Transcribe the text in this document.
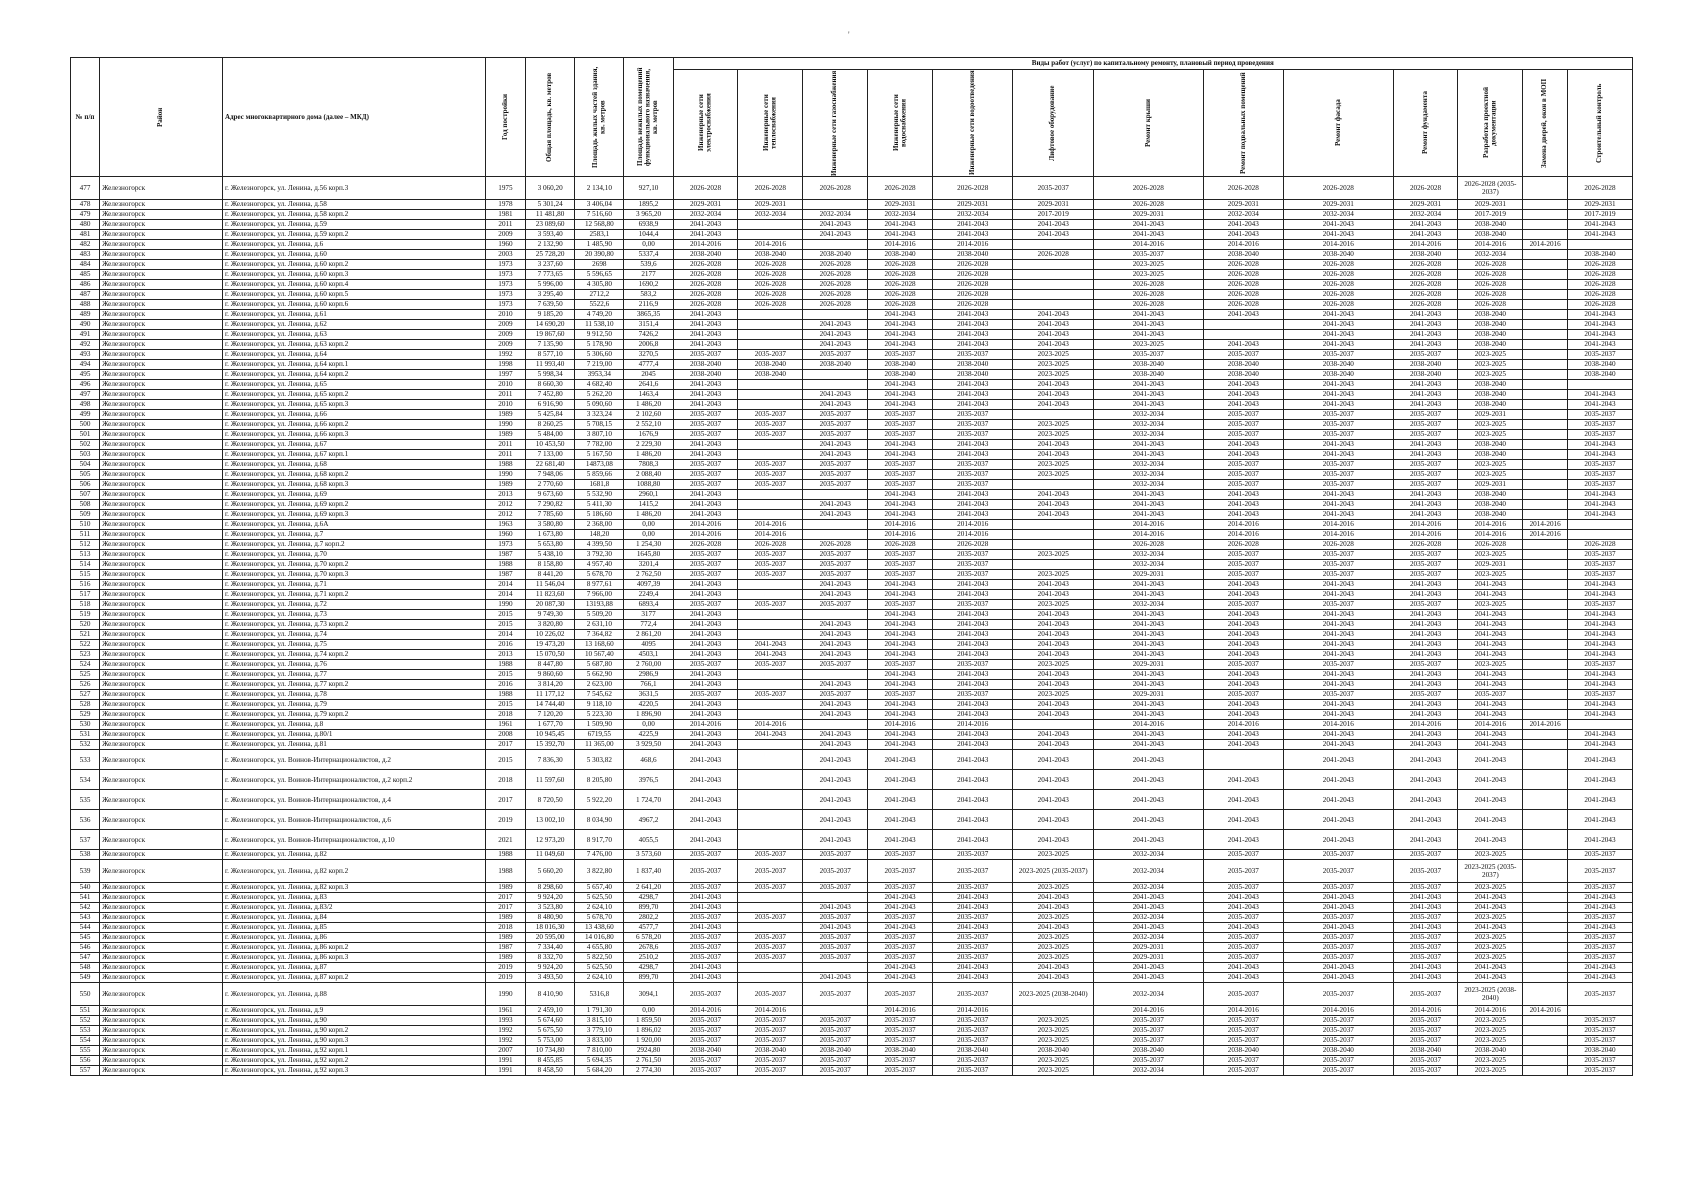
'
№ п/п	Район	Адрес многоквартирного дома (далее – МКД)	Год постройки	Общая площадь, кв. метров	Площадь жилых частей здания, кв. метров	Площадь нежилых помещений функционального назначения, кв. метров	Виды работ (услуг) по капитальному ремонту, плановый период проведения												

							Инженерные сети электроснабжения	Инженерные сети теплоснабжения	Инженерные сети газоснабжения	Инженерные сети водоснабжения	Инженерные сети водоотведения	Лифтовое оборудование	Ремонт крыши	Ремонт подвальных помещений	Ремонт фасада	Ремонт фундамента	Разработка проектной документации	Замена дверей, окон в МОП	Строительный контроль

477	Железногорск	г. Железногорск, ул. Ленина, д.56 корп.3	1975	3 060,20	2 134,10	927,10	2026-2028	2026-2028	2026-2028	2026-2028	2026-2028	2035-2037	2026-2028	2026-2028	2026-2028	2026-2028	2026-2028 (2035-2037)		2026-2028
478	Железногорск	г. Железногорск, ул. Ленина, д.58	1978	5 301,24	3 406,04	1895,2	2029-2031	2029-2031		2029-2031	2029-2031	2029-2031	2026-2028	2029-2031	2029-2031	2029-2031	2029-2031		2029-2031
479	Железногорск	г. Железногорск, ул. Ленина, д.58 корп.2	1981	11 481,80	7 516,60	3 965,20	2032-2034	2032-2034	2032-2034	2032-2034	2032-2034	2017-2019	2029-2031	2032-2034	2032-2034	2032-2034	2017-2019		2017-2019
480	Железногорск	г. Железногорск, ул. Ленина, д.59	2011	23 089,60	12 568,80	6938,9	2041-2043		2041-2043	2041-2043	2041-2043	2041-2043	2041-2043	2041-2043	2041-2043	2041-2043	2038-2040		2041-2043
481	Железногорск	г. Железногорск, ул. Ленина, д.59 корп.2	2009	3 593,40	2583,1	1044,4	2041-2043		2041-2043	2041-2043	2041-2043	2041-2043	2041-2043	2041-2043	2041-2043	2041-2043	2038-2040		2041-2043
482	Железногорск	г. Железногорск, ул. Ленина, д.6	1960	2 132,90	1 485,90	0,00	2014-2016	2014-2016		2014-2016	2014-2016		2014-2016	2014-2016	2014-2016	2014-2016	2014-2016	2014-2016	
483	Железногорск	г. Железногорск, ул. Ленина, д.60	2003	25 728,20	20 390,80	5337,4	2038-2040	2038-2040	2038-2040	2038-2040	2038-2040	2026-2028	2035-2037	2038-2040	2038-2040	2038-2040	2032-2034		2038-2040
484	Железногорск	г. Железногорск, ул. Ленина, д.60 корп.2	1973	3 237,60	2698	539,6	2026-2028	2026-2028	2026-2028	2026-2028	2026-2028		2023-2025	2026-2028	2026-2028	2026-2028	2026-2028		2026-2028
485	Железногорск	г. Железногорск, ул. Ленина, д.60 корп.3	1973	7 773,65	5 596,65	2177	2026-2028	2026-2028	2026-2028	2026-2028	2026-2028		2023-2025	2026-2028	2026-2028	2026-2028	2026-2028		2026-2028
486	Железногорск	г. Железногорск, ул. Ленина, д.60 корп.4	1973	5 996,00	4 305,80	1690,2	2026-2028	2026-2028	2026-2028	2026-2028	2026-2028		2026-2028	2026-2028	2026-2028	2026-2028	2026-2028		2026-2028
487	Железногорск	г. Железногорск, ул. Ленина, д.60 корп.5	1973	3 295,40	2712,2	583,2	2026-2028	2026-2028	2026-2028	2026-2028	2026-2028		2026-2028	2026-2028	2026-2028	2026-2028	2026-2028		2026-2028
488	Железногорск	г. Железногорск, ул. Ленина, д.60 корп.6	1973	7 639,50	5522,6	2116,9	2026-2028	2026-2028	2026-2028	2026-2028	2026-2028		2026-2028	2026-2028	2026-2028	2026-2028	2026-2028		2026-2028
489	Железногорск	г. Железногорск, ул. Ленина, д.61	2010	9 185,20	4 749,20	3865,35	2041-2043			2041-2043	2041-2043	2041-2043	2041-2043	2041-2043	2041-2043	2041-2043	2038-2040		2041-2043
490	Железногорск	г. Железногорск, ул. Ленина, д.62	2009	14 690,20	11 538,10	3151,4	2041-2043		2041-2043	2041-2043	2041-2043	2041-2043	2041-2043		2041-2043	2041-2043	2038-2040		2041-2043
491	Железногорск	г. Железногорск, ул. Ленина, д.63	2009	19 867,60	9 912,50	7426,2	2041-2043		2041-2043	2041-2043	2041-2043	2041-2043	2041-2043		2041-2043	2041-2043	2038-2040		2041-2043
492	Железногорск	г. Железногорск, ул. Ленина, д.63 корп.2	2009	7 135,90	5 178,90	2006,8	2041-2043		2041-2043	2041-2043	2041-2043	2041-2043	2023-2025	2041-2043	2041-2043	2041-2043	2038-2040		2041-2043
493	Железногорск	г. Железногорск, ул. Ленина, д.64	1992	8 577,10	5 306,60	3270,5	2035-2037	2035-2037	2035-2037	2035-2037	2035-2037	2023-2025	2035-2037	2035-2037	2035-2037	2035-2037	2023-2025		2035-2037
494	Железногорск	г. Железногорск, ул. Ленина, д.64 корп.1	1998	11 993,40	7 219,00	4777,4	2038-2040	2038-2040	2038-2040	2038-2040	2038-2040	2023-2025	2038-2040	2038-2040	2038-2040	2038-2040	2023-2025		2038-2040
495	Железногорск	г. Железногорск, ул. Ленина, д.64 корп.2	1997	5 998,34	3953,34	2045	2038-2040	2038-2040		2038-2040	2038-2040	2023-2025	2038-2040	2038-2040	2038-2040	2038-2040	2023-2025		2038-2040
496	Железногорск	г. Железногорск, ул. Ленина, д.65	2010	8 660,30	4 682,40	2641,6	2041-2043			2041-2043	2041-2043	2041-2043	2041-2043	2041-2043	2041-2043	2041-2043	2038-2040		
497	Железногорск	г. Железногорск, ул. Ленина, д.65 корп.2	2011	7 452,80	5 262,20	1463,4	2041-2043		2041-2043	2041-2043	2041-2043	2041-2043	2041-2043	2041-2043	2041-2043	2041-2043	2038-2040		2041-2043
498	Железногорск	г. Железногорск, ул. Ленина, д.65 корп.3	2010	6 916,90	5 090,60	1 486,20	2041-2043		2041-2043	2041-2043	2041-2043	2041-2043	2041-2043	2041-2043	2041-2043	2041-2043	2038-2040		2041-2043
499	Железногорск	г. Железногорск, ул. Ленина, д.66	1989	5 425,84	3 323,24	2 102,60	2035-2037	2035-2037	2035-2037	2035-2037	2035-2037		2032-2034	2035-2037	2035-2037	2035-2037	2029-2031		2035-2037
500	Железногорск	г. Железногорск, ул. Ленина, д.66 корп.2	1990	8 260,25	5 708,15	2 552,10	2035-2037	2035-2037	2035-2037	2035-2037	2035-2037	2023-2025	2032-2034	2035-2037	2035-2037	2035-2037	2023-2025		2035-2037
501	Железногорск	г. Железногорск, ул. Ленина, д.66 корп.3	1989	5 484,00	3 807,10	1676,9	2035-2037	2035-2037	2035-2037	2035-2037	2035-2037	2023-2025	2032-2034	2035-2037	2035-2037	2035-2037	2023-2025		2035-2037
502	Железногорск	г. Железногорск, ул. Ленина, д.67	2011	10 453,50	7 782,00	2 229,30	2041-2043		2041-2043	2041-2043	2041-2043	2041-2043	2041-2043	2041-2043	2041-2043	2041-2043	2038-2040		2041-2043
503	Железногорск	г. Железногорск, ул. Ленина, д.67 корп.1	2011	7 133,00	5 167,50	1 486,20	2041-2043		2041-2043	2041-2043	2041-2043	2041-2043	2041-2043	2041-2043	2041-2043	2041-2043	2038-2040		2041-2043
504	Железногорск	г. Железногорск, ул. Ленина, д.68	1988	22 681,40	14873,08	7808,3	2035-2037	2035-2037	2035-2037	2035-2037	2035-2037	2023-2025	2032-2034	2035-2037	2035-2037	2035-2037	2023-2025		2035-2037
505	Железногорск	г. Железногорск, ул. Ленина, д.68 корп.2	1990	7 948,06	5 859,66	2 088,40	2035-2037	2035-2037	2035-2037	2035-2037	2035-2037	2023-2025	2032-2034	2035-2037	2035-2037	2035-2037	2023-2025		2035-2037
506	Железногорск	г. Железногорск, ул. Ленина, д.68 корп.3	1989	2 770,60	1681,8	1088,80	2035-2037	2035-2037	2035-2037	2035-2037	2035-2037		2032-2034	2035-2037	2035-2037	2035-2037	2029-2031		2035-2037
507	Железногорск	г. Железногорск, ул. Ленина, д.69	2013	9 673,60	5 532,90	2960,1	2041-2043			2041-2043	2041-2043	2041-2043	2041-2043	2041-2043	2041-2043	2041-2043	2038-2040		2041-2043
508	Железногорск	г. Железногорск, ул. Ленина, д.69 корп.2	2012	7 290,82	5 411,30	1415,2	2041-2043		2041-2043	2041-2043	2041-2043	2041-2043	2041-2043	2041-2043	2041-2043	2041-2043	2038-2040		2041-2043
509	Железногорск	г. Железногорск, ул. Ленина, д.69 корп.3	2012	7 785,60	5 186,60	1 486,20	2041-2043		2041-2043	2041-2043	2041-2043	2041-2043	2041-2043	2041-2043	2041-2043	2041-2043	2038-2040		2041-2043
510	Железногорск	г. Железногорск, ул. Ленина, д.6А	1963	3 580,80	2 368,00	0,00	2014-2016	2014-2016		2014-2016	2014-2016		2014-2016	2014-2016	2014-2016	2014-2016	2014-2016	2014-2016	
511	Железногорск	г. Железногорск, ул. Ленина, д.7	1960	1 673,80	148,20	0,00	2014-2016	2014-2016		2014-2016	2014-2016		2014-2016	2014-2016	2014-2016	2014-2016	2014-2016	2014-2016	
512	Железногорск	г. Железногорск, ул. Ленина, д.7 корп.2	1973	5 653,80	4 399,50	1 254,30	2026-2028	2026-2028	2026-2028	2026-2028	2026-2028		2026-2028	2026-2028	2026-2028	2026-2028	2026-2028		2026-2028
513	Железногорск	г. Железногорск, ул. Ленина, д.70	1987	5 438,10	3 792,30	1645,80	2035-2037	2035-2037	2035-2037	2035-2037	2035-2037	2023-2025	2032-2034	2035-2037	2035-2037	2035-2037	2023-2025		2035-2037
514	Железногорск	г. Железногорск, ул. Ленина, д.70 корп.2	1988	8 158,80	4 957,40	3201,4	2035-2037	2035-2037	2035-2037	2035-2037	2035-2037		2032-2034	2035-2037	2035-2037	2035-2037	2029-2031		2035-2037
515	Железногорск	г. Железногорск, ул. Ленина, д.70 корп.3	1987	8 441,20	5 678,70	2 762,50	2035-2037	2035-2037	2035-2037	2035-2037	2035-2037	2023-2025	2029-2031	2035-2037	2035-2037	2035-2037	2023-2025		2035-2037
516	Железногорск	г. Железногорск, ул. Ленина, д.71	2014	11 546,04	8 977,61	4097,39	2041-2043		2041-2043	2041-2043	2041-2043	2041-2043	2041-2043	2041-2043	2041-2043	2041-2043	2041-2043		2041-2043
517	Железногорск	г. Железногорск, ул. Ленина, д.71 корп.2	2014	11 823,60	7 966,00	2249,4	2041-2043		2041-2043	2041-2043	2041-2043	2041-2043	2041-2043	2041-2043	2041-2043	2041-2043	2041-2043		2041-2043
518	Железногорск	г. Железногорск, ул. Ленина, д.72	1990	20 087,30	13193,88	6893,4	2035-2037	2035-2037	2035-2037	2035-2037	2035-2037	2023-2025	2032-2034	2035-2037	2035-2037	2035-2037	2023-2025		2035-2037
519	Железногорск	г. Железногорск, ул. Ленина, д.73	2015	9 749,30	5 509,20	3177	2041-2043			2041-2043	2041-2043	2041-2043	2041-2043	2041-2043	2041-2043	2041-2043	2041-2043		2041-2043
520	Железногорск	г. Железногорск, ул. Ленина, д.73 корп.2	2015	3 820,80	2 631,10	772,4	2041-2043		2041-2043	2041-2043	2041-2043	2041-2043	2041-2043	2041-2043	2041-2043	2041-2043	2041-2043		2041-2043
521	Железногорск	г. Железногорск, ул. Ленина, д.74	2014	10 226,02	7 364,82	2 861,20	2041-2043		2041-2043	2041-2043	2041-2043	2041-2043	2041-2043	2041-2043	2041-2043	2041-2043	2041-2043		2041-2043
522	Железногорск	г. Железногорск, ул. Ленина, д.75	2016	19 473,20	13 168,60	4095	2041-2043	2041-2043	2041-2043	2041-2043	2041-2043	2041-2043	2041-2043	2041-2043	2041-2043	2041-2043	2041-2043		2041-2043
523	Железногорск	г. Железногорск, ул. Ленина, д.74 корп.2	2013	15 070,50	10 567,40	4503,1	2041-2043	2041-2043	2041-2043	2041-2043	2041-2043	2041-2043	2041-2043	2041-2043	2041-2043	2041-2043	2041-2043		2041-2043
524	Железногорск	г. Железногорск, ул. Ленина, д.76	1988	8 447,80	5 687,80	2 760,00	2035-2037	2035-2037	2035-2037	2035-2037	2035-2037	2023-2025	2029-2031	2035-2037	2035-2037	2035-2037	2023-2025		2035-2037
525	Железногорск	г. Железногорск, ул. Ленина, д.77	2015	9 860,60	5 662,90	2986,9	2041-2043			2041-2043	2041-2043	2041-2043	2041-2043	2041-2043	2041-2043	2041-2043	2041-2043		2041-2043
526	Железногорск	г. Железногорск, ул. Ленина, д.77 корп.2	2016	3 814,20	2 623,00	766,1	2041-2043		2041-2043	2041-2043	2041-2043	2041-2043	2041-2043	2041-2043	2041-2043	2041-2043	2041-2043		2041-2043
527	Железногорск	г. Железногорск, ул. Ленина, д.78	1988	11 177,12	7 545,62	3631,5	2035-2037	2035-2037	2035-2037	2035-2037	2035-2037	2023-2025	2029-2031	2035-2037	2035-2037	2035-2037	2035-2037		2035-2037
528	Железногорск	г. Железногорск, ул. Ленина, д.79	2015	14 744,40	9 118,10	4220,5	2041-2043		2041-2043	2041-2043	2041-2043	2041-2043	2041-2043	2041-2043	2041-2043	2041-2043	2041-2043		2041-2043
529	Железногорск	г. Железногорск, ул. Ленина, д.79 корп.2	2018	7 120,20	5 223,30	1 896,90	2041-2043		2041-2043	2041-2043	2041-2043	2041-2043	2041-2043	2041-2043	2041-2043	2041-2043	2041-2043		2041-2043
530	Железногорск	г. Железногорск, ул. Ленина, д.8	1961	1 677,70	1 509,90	0,00	2014-2016	2014-2016		2014-2016	2014-2016		2014-2016	2014-2016	2014-2016	2014-2016	2014-2016	2014-2016	
531	Железногорск	г. Железногорск, ул. Ленина, д.80/1	2008	10 945,45	6719,55	4225,9	2041-2043	2041-2043	2041-2043	2041-2043	2041-2043	2041-2043	2041-2043	2041-2043	2041-2043	2041-2043	2041-2043		2041-2043
532	Железногорск	г. Железногорск, ул. Ленина, д.81	2017	15 392,70	11 365,00	3 929,50	2041-2043		2041-2043	2041-2043	2041-2043	2041-2043	2041-2043	2041-2043	2041-2043	2041-2043	2041-2043		2041-2043
533	Железногорск	г. Железногорск, ул. Воинов-Интернационалистов, д.2	2015	7 836,30	5 303,82	468,6	2041-2043		2041-2043	2041-2043	2041-2043	2041-2043	2041-2043		2041-2043	2041-2043	2041-2043		2041-2043
534	Железногорск	г. Железногорск, ул. Воинов-Интернационалистов, д.2 корп.2	2018	11 597,60	8 205,80	3976,5	2041-2043		2041-2043	2041-2043	2041-2043	2041-2043	2041-2043	2041-2043	2041-2043	2041-2043	2041-2043		2041-2043
535	Железногорск	г. Железногорск, ул. Воинов-Интернационалистов, д.4	2017	8 720,50	5 922,20	1 724,70	2041-2043		2041-2043	2041-2043	2041-2043	2041-2043	2041-2043	2041-2043	2041-2043	2041-2043	2041-2043		2041-2043
536	Железногорск	г. Железногорск, ул. Воинов-Интернационалистов, д.6	2019	13 002,10	8 034,90	4967,2	2041-2043		2041-2043	2041-2043	2041-2043	2041-2043	2041-2043	2041-2043	2041-2043	2041-2043	2041-2043		2041-2043
537	Железногорск	г. Железногорск, ул. Воинов-Интернационалистов, д.10	2021	12 973,20	8 917,70	4055,5	2041-2043		2041-2043	2041-2043	2041-2043	2041-2043	2041-2043	2041-2043	2041-2043	2041-2043	2041-2043		2041-2043
538	Железногорск	г. Железногорск, ул. Ленина, д.82	1988	11 049,60	7 476,00	3 573,60	2035-2037	2035-2037	2035-2037	2035-2037	2035-2037	2023-2025	2032-2034	2035-2037	2035-2037	2035-2037	2023-2025		2035-2037
539	Железногорск	г. Железногорск, ул. Ленина, д.82 корп.2	1988	5 660,20	3 822,80	1 837,40	2035-2037	2035-2037	2035-2037	2035-2037	2035-2037	2023-2025 (2035-2037)	2032-2034	2035-2037	2035-2037	2035-2037	2023-2025 (2035-2037)		2035-2037
540	Железногорск	г. Железногорск, ул. Ленина, д.82 корп.3	1989	8 298,60	5 657,40	2 641,20	2035-2037	2035-2037	2035-2037	2035-2037	2035-2037	2023-2025	2032-2034	2035-2037	2035-2037	2035-2037	2023-2025		2035-2037
541	Железногорск	г. Железногорск, ул. Ленина, д.83	2017	9 924,20	5 625,50	4298,7	2041-2043			2041-2043	2041-2043	2041-2043	2041-2043	2041-2043	2041-2043	2041-2043	2041-2043		2041-2043
542	Железногорск	г. Железногорск, ул. Ленина, д.83/2	2017	3 523,80	2 624,10	899,70	2041-2043		2041-2043	2041-2043	2041-2043	2041-2043	2041-2043	2041-2043	2041-2043	2041-2043	2041-2043		2041-2043
543	Железногорск	г. Железногорск, ул. Ленина, д.84	1989	8 480,90	5 678,70	2802,2	2035-2037	2035-2037	2035-2037	2035-2037	2035-2037	2023-2025	2032-2034	2035-2037	2035-2037	2035-2037	2023-2025		2035-2037
544	Железногорск	г. Железногорск, ул. Ленина, д.85	2018	18 016,30	13 438,60	4577,7	2041-2043		2041-2043	2041-2043	2041-2043	2041-2043	2041-2043	2041-2043	2041-2043	2041-2043	2041-2043		2041-2043
545	Железногорск	г. Железногорск, ул. Ленина, д.86	1989	20 595,00	14 016,80	6 578,20	2035-2037	2035-2037	2035-2037	2035-2037	2035-2037	2023-2025	2032-2034	2035-2037	2035-2037	2035-2037	2023-2025		2035-2037
546	Железногорск	г. Железногорск, ул. Ленина, д.86 корп.2	1987	7 334,40	4 655,80	2678,6	2035-2037	2035-2037	2035-2037	2035-2037	2035-2037	2023-2025	2029-2031	2035-2037	2035-2037	2035-2037	2023-2025		2035-2037
547	Железногорск	г. Железногорск, ул. Ленина, д.86 корп.3	1989	8 332,70	5 822,50	2510,2	2035-2037	2035-2037	2035-2037	2035-2037	2035-2037	2023-2025	2029-2031	2035-2037	2035-2037	2035-2037	2023-2025		2035-2037
548	Железногорск	г. Железногорск, ул. Ленина, д.87	2019	9 924,20	5 625,50	4298,7	2041-2043			2041-2043	2041-2043	2041-2043	2041-2043	2041-2043	2041-2043	2041-2043	2041-2043		2041-2043
549	Железногорск	г. Железногорск, ул. Ленина, д.87 корп.2	2019	3 493,50	2 624,10	899,70	2041-2043		2041-2043	2041-2043	2041-2043	2041-2043	2041-2043	2041-2043	2041-2043	2041-2043	2041-2043		2041-2043
550	Железногорск	г. Железногорск, ул. Ленина, д.88	1990	8 410,90	5316,8	3094,1	2035-2037	2035-2037	2035-2037	2035-2037	2035-2037	2023-2025 (2038-2040)	2032-2034	2035-2037	2035-2037	2035-2037	2023-2025 (2038-2040)		2035-2037
551	Железногорск	г. Железногорск, ул. Ленина, д.9	1961	2 459,10	1 791,30	0,00	2014-2016	2014-2016		2014-2016	2014-2016		2014-2016	2014-2016	2014-2016	2014-2016	2014-2016	2014-2016	
552	Железногорск	г. Железногорск, ул. Ленина, д.90	1993	5 674,60	3 815,10	1 859,50	2035-2037	2035-2037	2035-2037	2035-2037	2035-2037	2023-2025	2035-2037	2035-2037	2035-2037	2035-2037	2023-2025		2035-2037
553	Железногорск	г. Железногорск, ул. Ленина, д.90 корп.2	1992	5 675,50	3 779,10	1 896,02	2035-2037	2035-2037	2035-2037	2035-2037	2035-2037	2023-2025	2035-2037	2035-2037	2035-2037	2035-2037	2023-2025		2035-2037
554	Железногорск	г. Железногорск, ул. Ленина, д.90 корп.3	1992	5 753,00	3 833,00	1 920,00	2035-2037	2035-2037	2035-2037	2035-2037	2035-2037	2023-2025	2035-2037	2035-2037	2035-2037	2035-2037	2023-2025		2035-2037
555	Железногорск	г. Железногорск, ул. Ленина, д.92 корп.1	2007	10 734,80	7 810,00	2924,80	2038-2040	2038-2040	2038-2040	2038-2040	2038-2040	2038-2040	2038-2040	2038-2040	2038-2040	2038-2040	2038-2040		2038-2040
556	Железногорск	г. Железногорск, ул. Ленина, д.92 корп.2	1991	8 455,85	5 694,35	2 761,50	2035-2037	2035-2037	2035-2037	2035-2037	2035-2037	2023-2025	2035-2037	2035-2037	2035-2037	2035-2037	2023-2025		2035-2037
557	Железногорск	г. Железногорск, ул. Ленина, д.92 корп.3	1991	8 458,50	5 684,20	2 774,30	2035-2037	2035-2037	2035-2037	2035-2037	2035-2037	2023-2025	2032-2034	2035-2037	2035-2037	2035-2037	2023-2025		2035-2037
